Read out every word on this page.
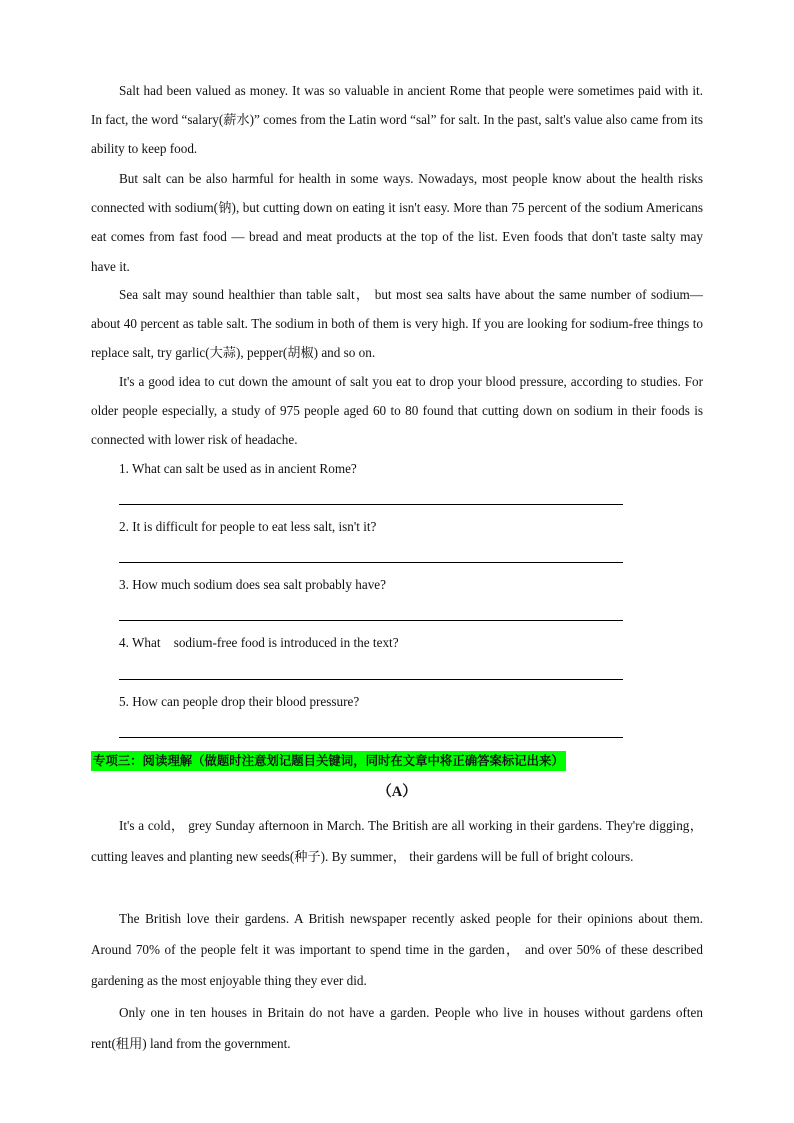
Salt had been valued as money. It was so valuable in ancient Rome that people were sometimes paid with it. In fact, the word “salary(薪水)” comes from the Latin word “sal” for salt. In the past, salt's value also came from its ability to keep food.

But salt can be also harmful for health in some ways. Nowadays, most people know about the health risks connected with sodium(钠), but cutting down on eating it isn't easy. More than 75 percent of the sodium Americans eat comes from fast food — bread and meat products at the top of the list. Even foods that don't taste salty may have it.

Sea salt may sound healthier than table salt， but most sea salts have about the same number of sodium—about 40 percent as table salt. The sodium in both of them is very high. If you are looking for sodium-free things to replace salt, try garlic(大蒜), pepper(胡椒) and so on.

It's a good idea to cut down the amount of salt you eat to drop your blood pressure, according to studies. For older people especially, a study of 975 people aged 60 to 80 found that cutting down on sodium in their foods is connected with lower risk of headache.

1. What can salt be used as in ancient Rome?

2. It is difficult for people to eat less salt, isn't it?

3. How much sodium does sea salt probably have?

4. What    sodium-free food is introduced in the text?

5. How can people drop their blood pressure?

专项三：阅读理解（做题时注意划记题目关键词，同时在文章中将正确答案标记出来）

（A）

It's a cold， grey Sunday afternoon in March. The British are all working in their gardens. They're digging， cutting leaves and planting new seeds(种子). By summer， their gardens will be full of bright colours.

The British love their gardens. A British newspaper recently asked people for their opinions about them. Around 70% of the people felt it was important to spend time in the garden， and over 50% of these described gardening as the most enjoyable thing they ever did.

Only one in ten houses in Britain do not have a garden. People who live in houses without gardens often rent(租用) land from the government.
